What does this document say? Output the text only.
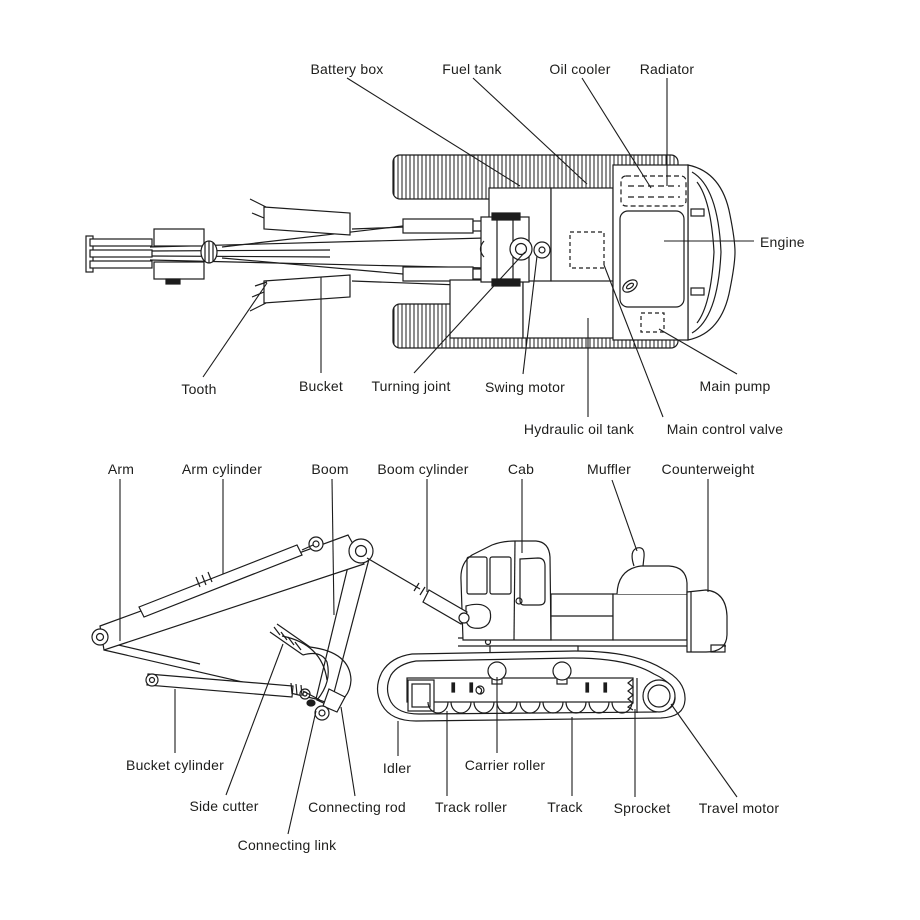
Battery box	Fuel tank	Oil cooler Radiator
Engine
Tooth	Bucket Turning joint Swing motor	Main pump
Hydraulic oil tank Main control valve
Arm	Arm cylinder	Boom Boom cylinder	Cab	Muffler Counterweight
Bucket cylinder	Idler	Carrier roller
Side cutter	Connecting rod Track roller	Track Sprocket Travel motor
Connecting link
